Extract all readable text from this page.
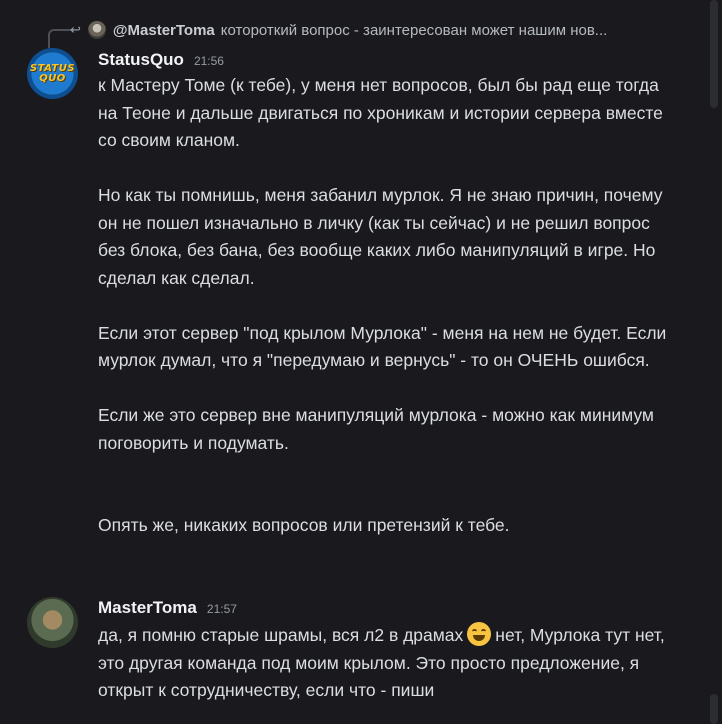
↩ @MasterToma котороткий вопрос - заинтересован может нашим нов...
STATUS
QUO
StatusQuo 21:56

к Мастеру Томе (к тебе), у меня нет вопросов, был бы рад еще тогда на Теоне и дальше двигаться по хроникам и истории сервера вместе со своим кланом.

Но как ты помнишь, меня забанил мурлок. Я не знаю причин, почему он не пошел изначально в личку (как ты сейчас) и не решил вопрос без блока, без бана, без вообще каких либо манипуляций в игре. Но сделал как сделал.

Если этот сервер "под крылом Мурлока" - меня на нем не будет. Если мурлок думал, что я "передумаю и вернусь" - то он ОЧЕНЬ ошибся.

Если же это сервер вне манипуляций мурлока - можно как минимум поговорить и подумать.

Опять же, никаких вопросов или претензий к тебе.

MasterToma 21:57

да, я помню старые шрамы, вся л2 в драмах нет, Мурлока тут нет, это другая команда под моим крылом. Это просто предложение, я открыт к сотрудничеству, если что - пиши
